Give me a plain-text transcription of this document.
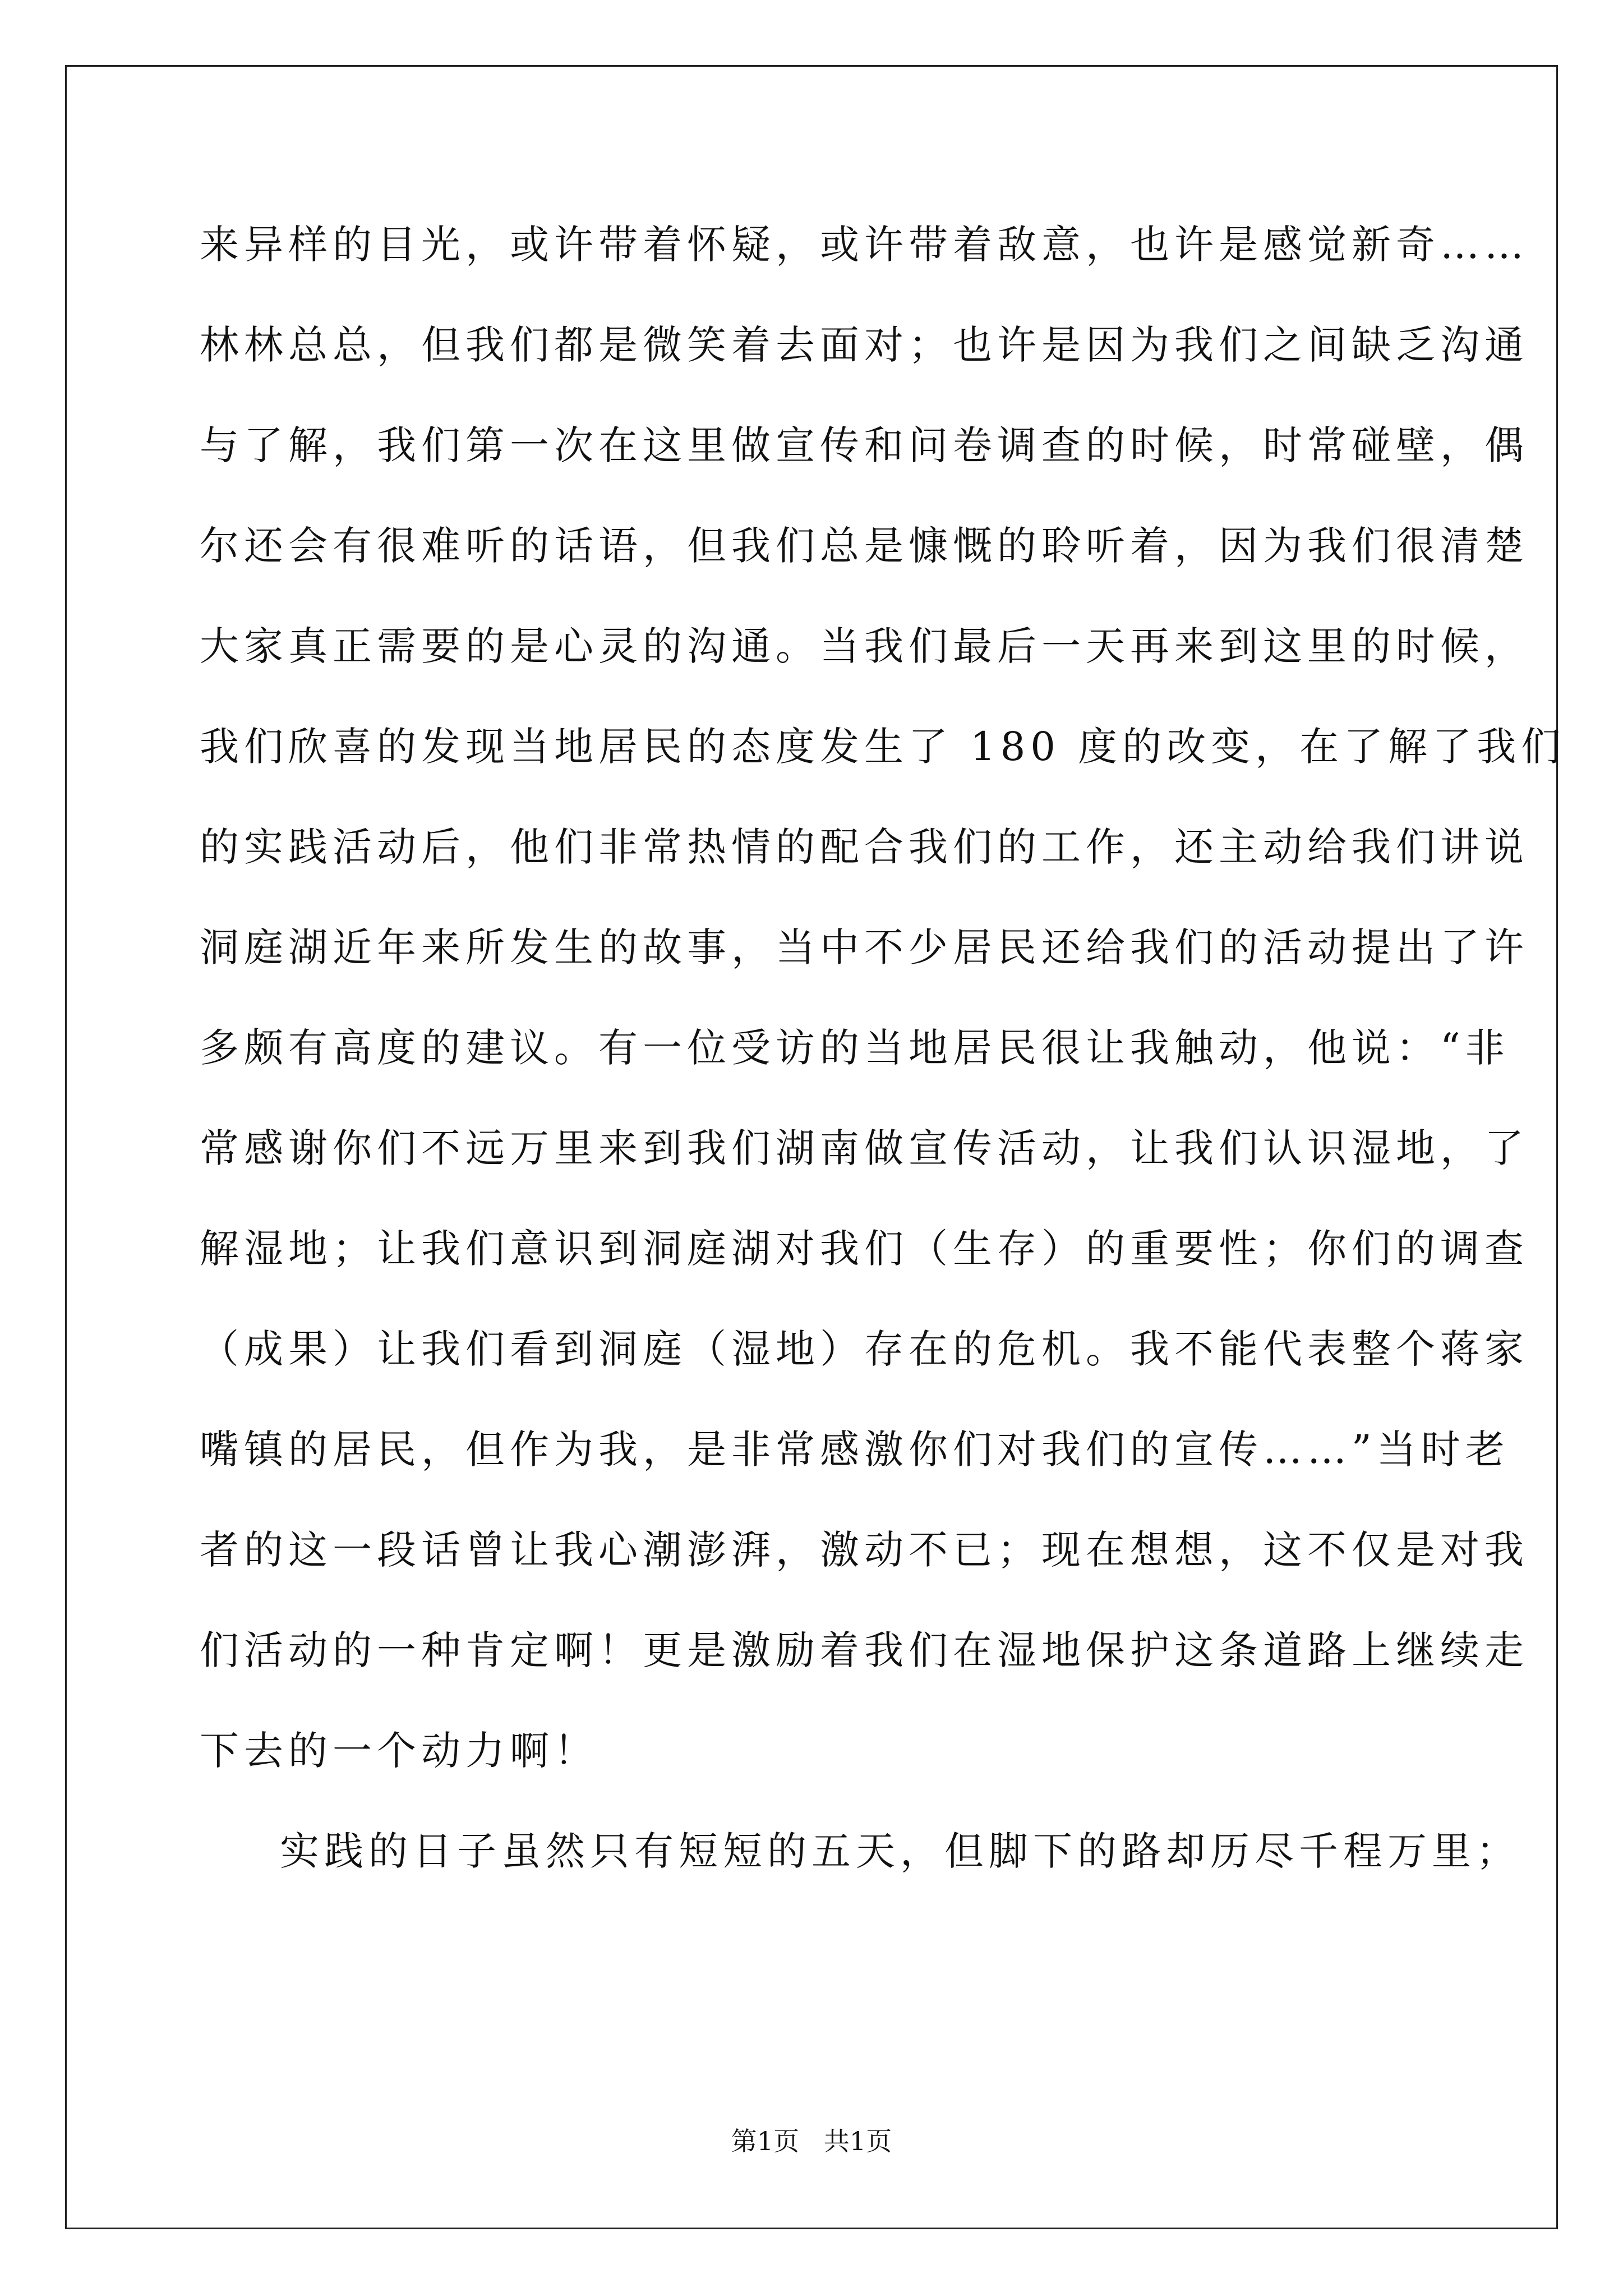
来异样的目光，或许带着怀疑，或许带着敌意，也许是感觉新奇……
林林总总，但我们都是微笑着去面对；也许是因为我们之间缺乏沟通
与了解，我们第一次在这里做宣传和问卷调查的时候，时常碰壁，偶
尔还会有很难听的话语，但我们总是慷慨的聆听着，因为我们很清楚
大家真正需要的是心灵的沟通。当我们最后一天再来到这里的时候，
我们欣喜的发现当地居民的态度发生了 180 度的改变，在了解了我们
的实践活动后，他们非常热情的配合我们的工作，还主动给我们讲说
洞庭湖近年来所发生的故事，当中不少居民还给我们的活动提出了许
多颇有高度的建议。有一位受访的当地居民很让我触动，他说：“非
常感谢你们不远万里来到我们湖南做宣传活动，让我们认识湿地，了
解湿地；让我们意识到洞庭湖对我们（生存）的重要性；你们的调查
（成果）让我们看到洞庭（湿地）存在的危机。我不能代表整个蒋家
嘴镇的居民，但作为我，是非常感激你们对我们的宣传……”当时老
者的这一段话曾让我心潮澎湃，激动不已；现在想想，这不仅是对我
们活动的一种肯定啊！更是激励着我们在湿地保护这条道路上继续走
下去的一个动力啊！
实践的日子虽然只有短短的五天，但脚下的路却历尽千程万里；
第1页   共1页
